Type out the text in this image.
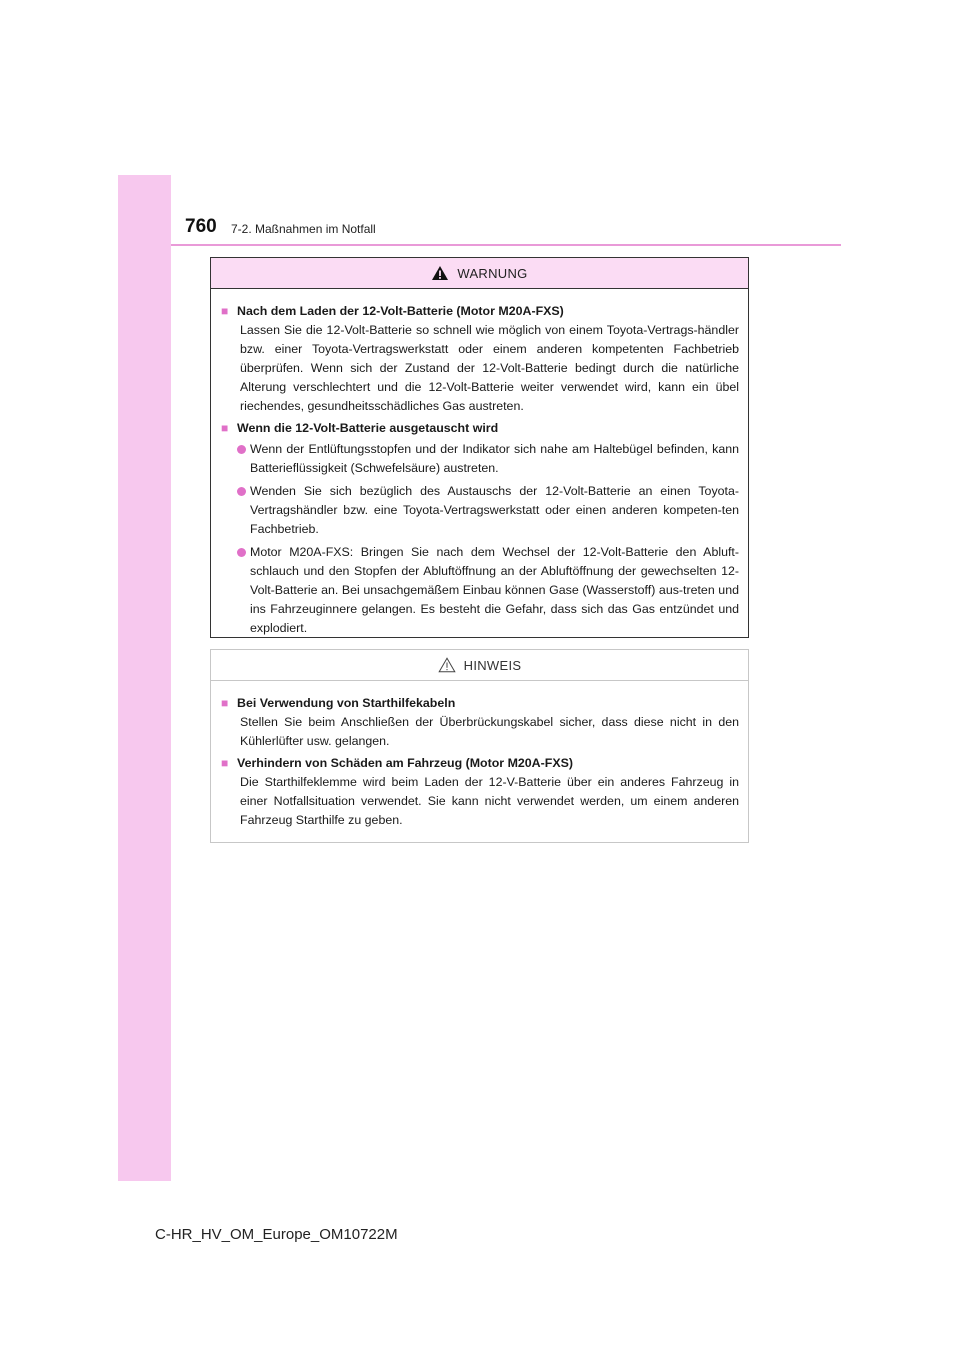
760 7-2. Maßnahmen im Notfall
WARNUNG
■ Nach dem Laden der 12-Volt-Batterie (Motor M20A-FXS)

Lassen Sie die 12-Volt-Batterie so schnell wie möglich von einem Toyota-Vertrags-händler bzw. einer Toyota-Vertragswerkstatt oder einem anderen kompetenten Fachbetrieb überprüfen. Wenn sich der Zustand der 12-Volt-Batterie bedingt durch die natürliche Alterung verschlechtert und die 12-Volt-Batterie weiter verwendet wird, kann ein übel riechendes, gesundheitsschädliches Gas austreten.

■ Wenn die 12-Volt-Batterie ausgetauscht wird
Wenn der Entlüftungsstopfen und der Indikator sich nahe am Haltebügel befinden, kann Batterieflüssigkeit (Schwefelsäure) austreten.
Wenden Sie sich bezüglich des Austauschs der 12-Volt-Batterie an einen Toyota-Vertragshändler bzw. eine Toyota-Vertragswerkstatt oder einen anderen kompeten-ten Fachbetrieb.
Motor M20A-FXS: Bringen Sie nach dem Wechsel der 12-Volt-Batterie den Abluft-schlauch und den Stopfen der Abluftöffnung an der Abluftöffnung der gewechselten 12-Volt-Batterie an. Bei unsachgemäßem Einbau können Gase (Wasserstoff) aus-treten und ins Fahrzeuginnere gelangen. Es besteht die Gefahr, dass sich das Gas entzündet und explodiert.
HINWEIS
■ Bei Verwendung von Starthilfekabeln

Stellen Sie beim Anschließen der Überbrückungskabel sicher, dass diese nicht in den Kühlerlüfter usw. gelangen.

■ Verhindern von Schäden am Fahrzeug (Motor M20A-FXS)

Die Starthilfeklemme wird beim Laden der 12-V-Batterie über ein anderes Fahrzeug in einer Notfallsituation verwendet. Sie kann nicht verwendet werden, um einem anderen Fahrzeug Starthilfe zu geben.

C-HR_HV_OM_Europe_OM10722M
